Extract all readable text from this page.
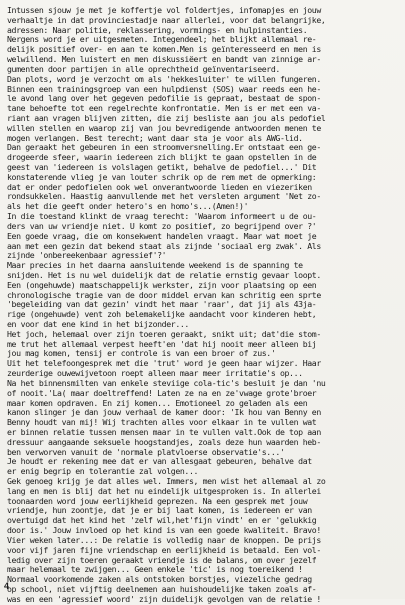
Intussen sjouw je met je koffertje vol foldertjes, infomapjes en jouw
verhaaltje in dat provinciestadje naar allerlei, voor dat belangrijke,
adressen: Naar politie, reklassering, vormings- en hulpinstanties.
Nergens word je er uitgesmeten. Integendeel; het blijkt allemaal re-
delijk positief over- en aan te komen.Men is geïnteresseerd en men is
welwillend. Men luistert en men diskussiëert en bandt van zinnige ar-
gumenten door partijen in alle oprechtheid geïnventariseerd.
Dan plots, word je verzocht om als 'hekkesluiter' te willen fungeren.
Binnen een trainingsgroep van een hulpdienst (SOS) waar reeds een he-
le avond lang over het gegeven pedofilie is gepraat, bestaat de spon-
tane behoefte tot een regelrechte konfrontatie. Men is er met een va-
riant aan vragen blijven zitten, die zij besliste aan jou als pedofiel
willen stellen en waarop zij van jou bevredigende antwoorden menen te
mogen verlangen. Best terecht; want daar sta je voor als AWG-lid.
Dan geraakt het gebeuren in een stroomversnelling.Er ontstaat een ge-
drogeerde sfeer, waarin iedereen zich blijkt te gaan opstellen in de
geest van 'iedereen is volslagen getikt, behalve de pedofiel...' Dit
konstaterende vlieg je van louter schrik op de rem met de opmerking:
dat er onder pedofielen ook wel onverantwoorde lieden en viezeriken
rondsukkelen. Haastig aanvullende met het versleten argument 'Net zo-
als het die geeft onder hetero's en homo's...(Amen!)'
In die toestand klinkt de vraag terecht: 'Waarom informeert u de ou-
ders van uw vriendje niet. U komt zo positief, zo begrijpend over ?'
Een goede vraag, die om konsekwent handelen vraagt. Maar wat moet je
aan met een gezin dat bekend staat als zijnde 'sociaal erg zwak'. Als
zijnde 'onbereekenbaar agressief'?'
Maar precies in het daarna aansluitende weekend is de spanning te
snijden. Het is nu wel duidelijk dat de relatie ernstig gevaar loopt.
Een (ongehuwde) maatschappelijk werkster, zijn voor plaatsing op een
chronologische tragie van de door middel ervan kan schritig een sprte
'begeleiding van dat gezin' vindt het maar 'raar', dat jij als 43ja-
rige (ongehuwde) vent zoh belemakelijke aandacht voor kinderen hebt,
en voor dat ene kind in het bijzonder...
Het joch, helemaal over zijn toeren geraakt, snikt uit; dat'die stom-
me trut het allemaal verpest heeft'en 'dat hij nooit meer alleen bij
jou mag komen, tensij er controle is van een broer of zus.'
Uit het telefoongesprek met die 'trut' word je geen haar wijzer. Haar
zeurderige ouwewijvetoon roept alleen maar meer irritatie's op...
Na het binnensmilten van enkele steviige cola-tic's besluit je dan 'nu
of nooit.'La( maar doeltreffend! Laten ze na en ze'vwage grote'broer
maar komen opdraven. En zij komen... Emotioneel zo geladen als een
kanon slinger je dan jouw verhaal de kamer door: 'Ik hou van Benny en
Benny houdt van mij! Wij trachten alles voor elkaar in te vullen wat
er binnen relatie tussen mensen maar in te vullen valt.Ook de top aan
dressuur aangaande seksuele hoogstandjes, zoals deze hun waarden heb-
ben verworven vanuit de 'normale platvloerse observatie's...'
Je houdt er rekening mee dat er van allesgaat gebeuren, behalve dat
er enig begrip en tolerantie zal volgen...
Gek genoeg krijg je dat alles wel. Immers, men wist het allemaal al zo
lang en men is blij dat het nu eindelijk uitgesproken is. In allerlei
toonaarden word jouw eerlijkheid geprezen. Na een gesprek met jouw
vriendje, hun zoontje, dat je er bij laat komen, is iedereen er van
overtuigd dat het kind het 'zelf wil,het'fijn vindt' en er 'gelukkig
door is.' Jouw invloed op het kind is van een goede kwaliteit. Bravo!
Vier weken later...: De relatie is volledig naar de knoppen. De prijs
voor vijf jaren fijne vriendschap en eerlijkheid is betaald. Een vol-
ledig over zijn toeren geraakt vriendje is de balans, om over jezelf
maar helemaal te zwijgen... Geen enkele 'tic' is nog toereikend !
Normaal voorkomende zaken als ontstoken borstjes, viezeliche gedrag
op school, niet vijftig deelnemen aan huishoudelijke taken zoals af-
was en een 'agressief woord' zijn duidelijk gevolgen van de relatie !
4
